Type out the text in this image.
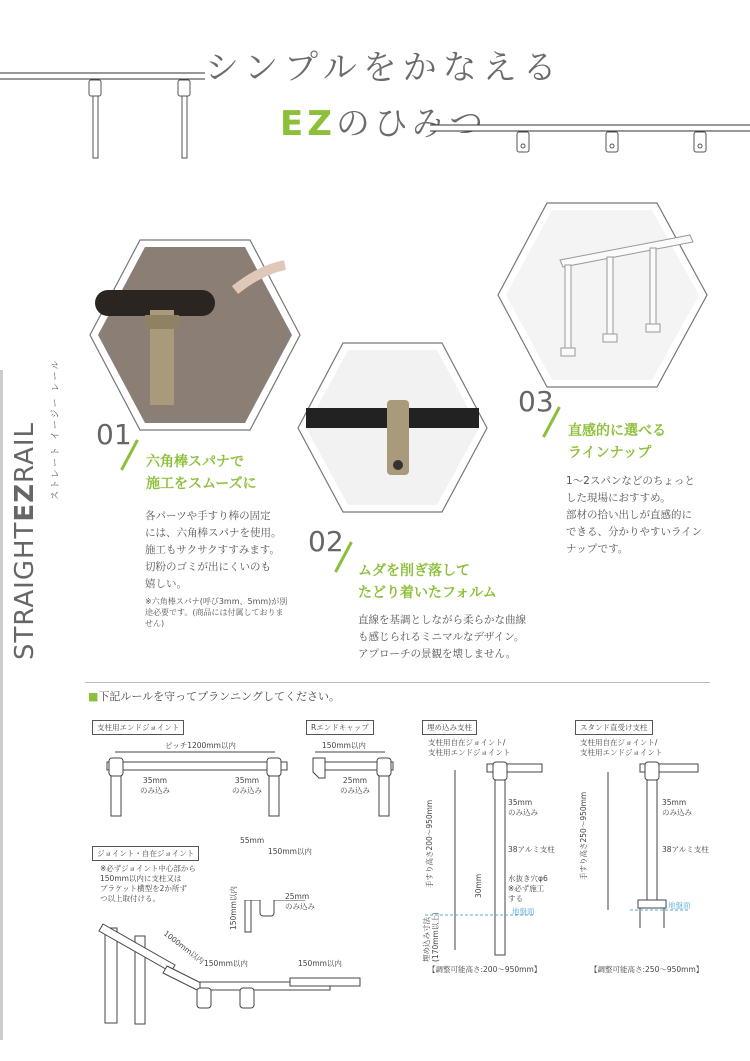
シンプルをかなえる
EZのひみつ
STRAIGHTEZRAIL	ストレート イージー レール 01
六角棒スパナで
施工をスムーズに
各パーツや手すり棒の固定
には、六角棒スパナを使用。
施工もサクサクすすみます。
切粉のゴミが出にくいのも
嬉しい。
※六角棒スパナ(呼び3mm、5mm)が別
途必要です。(商品には付属しておりま
せん)
02
ムダを削ぎ落して
たどり着いたフォルム
直線を基調としながら柔らかな曲線
も感じられるミニマルなデザイン。
アプローチの景観を壊しません。
03
直感的に選べる
ラインナップ
1〜2スパンなどのちょっと
した現場におすすめ。
部材の拾い出しが直感的に
できる、分かりやすいライン
ナップです。
■下記ルールを守ってプランニングしてください。
支柱用エンドジョイント
ピッチ1200mm以内
35mm
のみ込み
35mm
のみ込み
Rエンドキャップ
150mm以内
25mm
のみ込み
埋め込み支柱
支柱用自在ジョイント/
支柱用エンドジョイント
35mm
のみ込み
38アルミ支柱
水抜き穴φ6
※必ず施工
する
地盤面
30mm
手すり高さ200〜950mm
埋め込み寸法 (170mm以上)
【調整可能高さ:200〜950mm】
スタンド直受け支柱
支柱用自在ジョイント/
支柱用エンドジョイント
35mm
のみ込み
38アルミ支柱
地盤面
手すり高さ250〜950mm
【調整可能高さ:250〜950mm】
ジョイント・自在ジョイント
※必ずジョイント中心部から
150mm以内に支柱又は
ブラケット横型を2か所ず
つ以上取付ける。
55mm
150mm以内
150mm以内	25mm
のみ込み
1000mm以内
150mm以内	150mm以内
